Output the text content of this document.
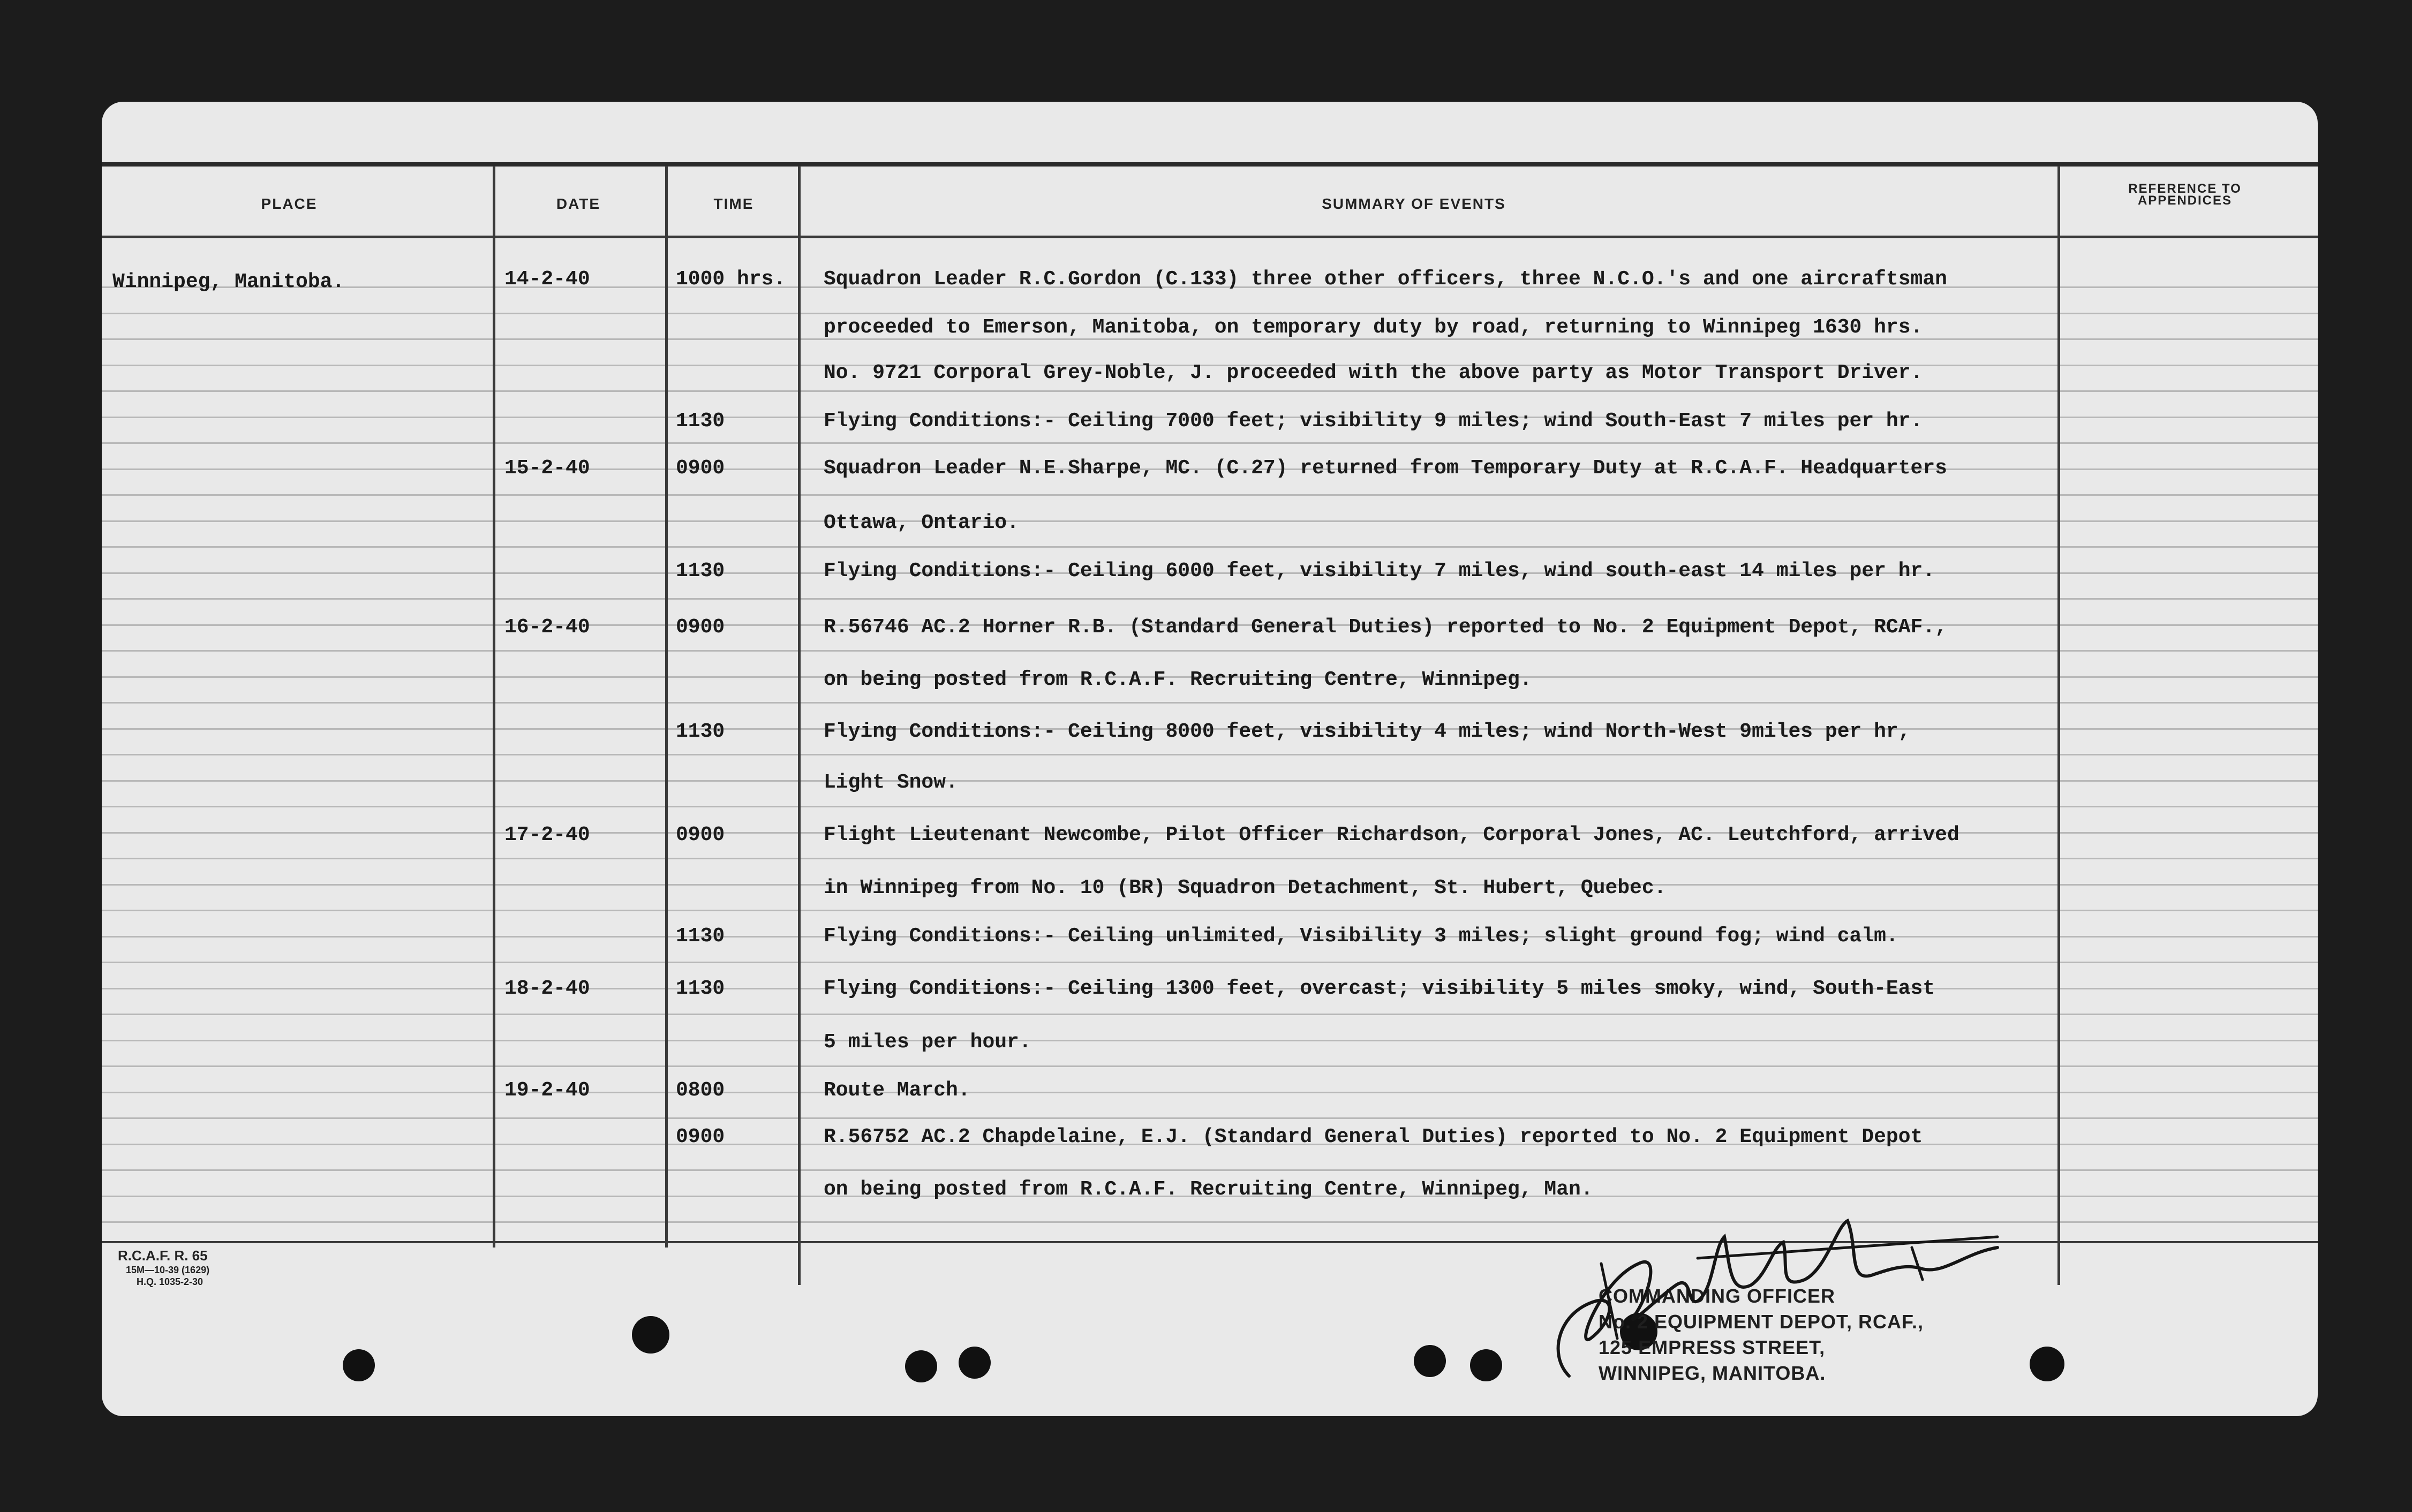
PLACE	DATE	TIME	SUMMARY OF EVENTS
REFERENCE TO APPENDICES
Winnipeg, Manitoba.	14-2-40	1000 hrs. Squadron Leader R.C.Gordon (C.133) three other officers, three N.C.O.'s and one aircraftsman
proceeded to Emerson, Manitoba, on temporary duty by road, returning to Winnipeg 1630 hrs.
No. 9721 Corporal Grey-Noble, J. proceeded with the above party as Motor Transport Driver.
1130	Flying Conditions:- Ceiling 7000 feet; visibility 9 miles; wind South-East 7 miles per hr.
15-2-40	0900	Squadron Leader N.E.Sharpe, MC. (C.27) returned from Temporary Duty at R.C.A.F. Headquarters
Ottawa, Ontario.
1130	Flying Conditions:- Ceiling 6000 feet, visibility 7 miles, wind south-east 14 miles per hr.
16-2-40	0900	R.56746 AC.2 Horner R.B. (Standard General Duties) reported to No. 2 Equipment Depot, RCAF.,
on being posted from R.C.A.F. Recruiting Centre, Winnipeg.
1130	Flying Conditions:- Ceiling 8000 feet, visibility 4 miles; wind North-West 9miles per hr,
Light Snow.
17-2-40	0900	Flight Lieutenant Newcombe, Pilot Officer Richardson, Corporal Jones, AC. Leutchford, arrived
in Winnipeg from No. 10 (BR) Squadron Detachment, St. Hubert, Quebec.
1130	Flying Conditions:- Ceiling unlimited, Visibility 3 miles; slight ground fog; wind calm.
18-2-40	1130	Flying Conditions:- Ceiling 1300 feet, overcast; visibility 5 miles smoky, wind, South-East
5 miles per hour.
19-2-40	0800	Route March.
0900	R.56752 AC.2 Chapdelaine, E.J. (Standard General Duties) reported to No. 2 Equipment Depot
on being posted from R.C.A.F. Recruiting Centre, Winnipeg, Man.
R.C.A.F. R. 65
15M—10-39 (1629)
H.Q. 1035-2-30
COMMANDING OFFICER
No. 2 EQUIPMENT DEPOT, RCAF.,
125 EMPRESS STREET,
WINNIPEG, MANITOBA.
